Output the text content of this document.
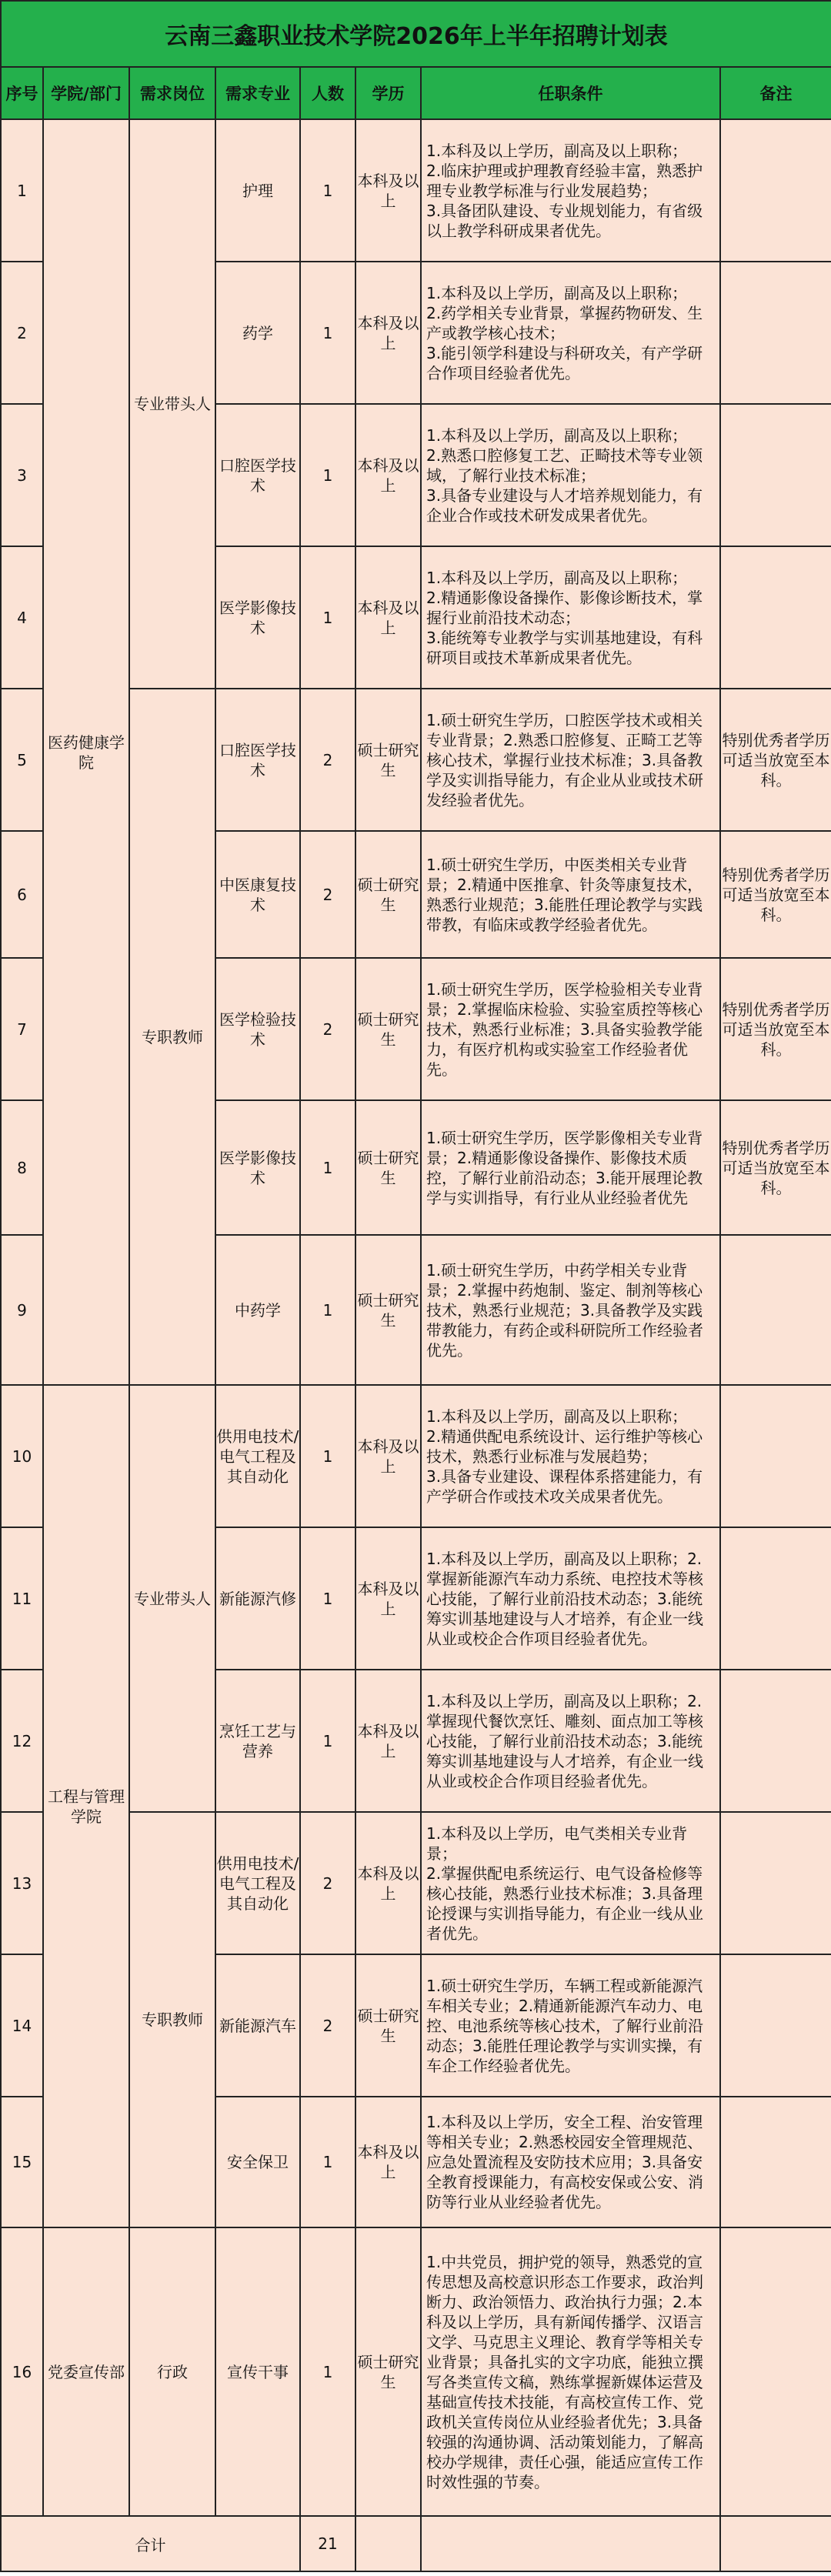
云南三鑫职业技术学院2026年上半年招聘计划表							
序号	学院/部门	需求岗位	需求专业	人数	学历	任职条件	备注
1	医药健康学院	专业带头人	护理	1	本科及以上	1.本科及以上学历，副高及以上职称；
2.临床护理或护理教育经验丰富，熟悉护理专业教学标准与行业发展趋势；
3.具备团队建设、专业规划能力，有省级以上教学科研成果者优先。	
2			药学	1	本科及以上	1.本科及以上学历，副高及以上职称；
2.药学相关专业背景，掌握药物研发、生产或教学核心技术；
3.能引领学科建设与科研攻关，有产学研合作项目经验者优先。	
3			口腔医学技术	1	本科及以上	1.本科及以上学历，副高及以上职称；
2.熟悉口腔修复工艺、正畸技术等专业领域，了解行业技术标准；
3.具备专业建设与人才培养规划能力，有企业合作或技术研发成果者优先。	
4			医学影像技术	1	本科及以上	1.本科及以上学历，副高及以上职称；
2.精通影像设备操作、影像诊断技术，掌握行业前沿技术动态；
3.能统筹专业教学与实训基地建设，有科研项目或技术革新成果者优先。	
5		专职教师	口腔医学技术	2	硕士研究生	1.硕士研究生学历，口腔医学技术或相关专业背景；2.熟悉口腔修复、正畸工艺等核心技术，掌握行业技术标准；3.具备教学及实训指导能力，有企业从业或技术研发经验者优先。	特别优秀者学历可适当放宽至本科。
6			中医康复技术	2	硕士研究生	1.硕士研究生学历，中医类相关专业背景；2.精通中医推拿、针灸等康复技术，熟悉行业规范；3.能胜任理论教学与实践带教，有临床或教学经验者优先。	特别优秀者学历可适当放宽至本科。
7			医学检验技术	2	硕士研究生	1.硕士研究生学历，医学检验相关专业背景；2.掌握临床检验、实验室质控等核心技术，熟悉行业标准；3.具备实验教学能力，有医疗机构或实验室工作经验者优先。	特别优秀者学历可适当放宽至本科。
8			医学影像技术	1	硕士研究生	1.硕士研究生学历，医学影像相关专业背景；2.精通影像设备操作、影像技术质控，了解行业前沿动态；3.能开展理论教学与实训指导，有行业从业经验者优先	特别优秀者学历可适当放宽至本科。
9			中药学	1	硕士研究生	1.硕士研究生学历，中药学相关专业背景；2.掌握中药炮制、鉴定、制剂等核心技术，熟悉行业规范；3.具备教学及实践带教能力，有药企或科研院所工作经验者优先。	
10	工程与管理学院	专业带头人	供用电技术/电气工程及其自动化	1	本科及以上	1.本科及以上学历，副高及以上职称；
2.精通供配电系统设计、运行维护等核心技术，熟悉行业标准与发展趋势；
3.具备专业建设、课程体系搭建能力，有产学研合作或技术攻关成果者优先。	
11			新能源汽修	1	本科及以上	1.本科及以上学历，副高及以上职称；2.掌握新能源汽车动力系统、电控技术等核心技能，了解行业前沿技术动态；3.能统筹实训基地建设与人才培养，有企业一线从业或校企合作项目经验者优先。	
12			烹饪工艺与营养	1	本科及以上	1.本科及以上学历，副高及以上职称；2.掌握现代餐饮烹饪、雕刻、面点加工等核心技能，了解行业前沿技术动态；3.能统筹实训基地建设与人才培养，有企业一线从业或校企合作项目经验者优先。	
13		专职教师	供用电技术/电气工程及其自动化	2	本科及以上	1.本科及以上学历，电气类相关专业背景；
2.掌握供配电系统运行、电气设备检修等核心技能，熟悉行业技术标准；3.具备理论授课与实训指导能力，有企业一线从业者优先。	
14			新能源汽车	2	硕士研究生	1.硕士研究生学历，车辆工程或新能源汽车相关专业；2.精通新能源汽车动力、电控、电池系统等核心技术，了解行业前沿动态；3.能胜任理论教学与实训实操，有车企工作经验者优先。	
15			安全保卫	1	本科及以上	1.本科及以上学历，安全工程、治安管理等相关专业；2.熟悉校园安全管理规范、应急处置流程及安防技术应用；3.具备安全教育授课能力，有高校安保或公安、消防等行业从业经验者优先。	
16	党委宣传部	行政	宣传干事	1	硕士研究生	1.中共党员，拥护党的领导，熟悉党的宣传思想及高校意识形态工作要求，政治判断力、政治领悟力、政治执行力强；2.本科及以上学历，具有新闻传播学、汉语言文学、马克思主义理论、教育学等相关专业背景；具备扎实的文字功底，能独立撰写各类宣传文稿，熟练掌握新媒体运营及基础宣传技术技能，有高校宣传工作、党政机关宣传岗位从业经验者优先；3.具备较强的沟通协调、活动策划能力，了解高校办学规律，责任心强，能适应宣传工作时效性强的节奏。	
合计				21			
